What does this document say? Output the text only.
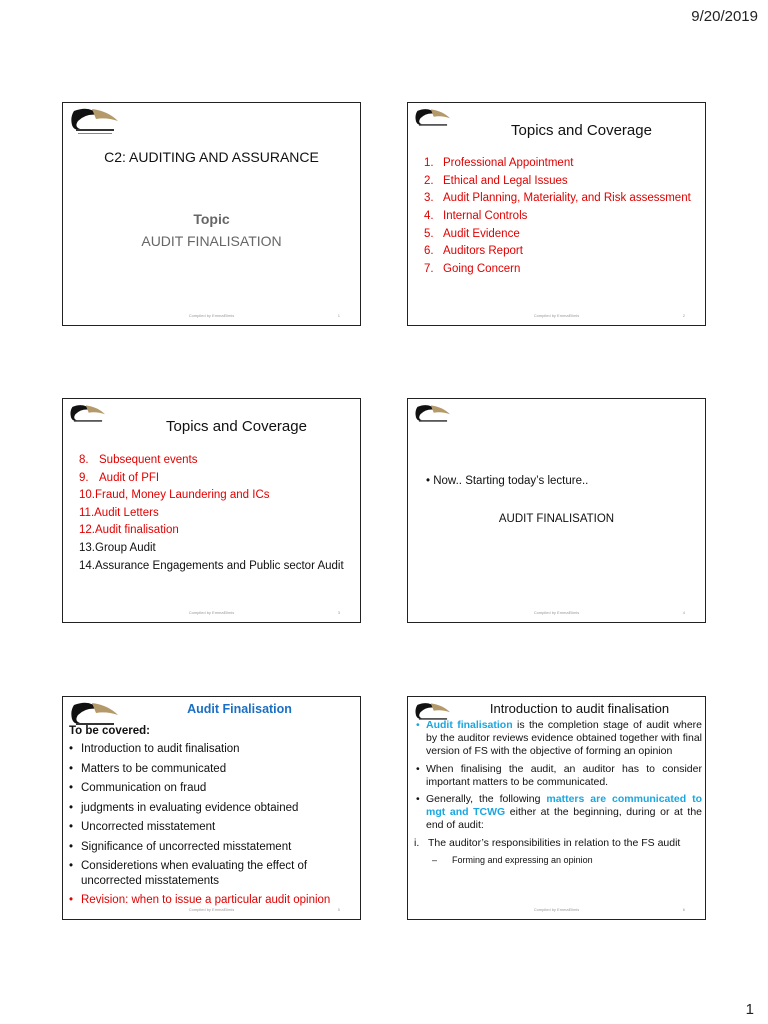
9/20/2019
C2: AUDITING AND ASSURANCE
Topic
AUDIT FINALISATION
Compiled by EmmaElimis	1
Topics and Coverage
1. Professional Appointment
2. Ethical and Legal Issues
3. Audit Planning, Materiality, and Risk assessment
4. Internal Controls
5. Audit Evidence
6. Auditors Report
7. Going Concern
Compiled by EmmaElimis	2
Topics and Coverage
8. Subsequent events
9. Audit of PFI
10. Fraud, Money Laundering and ICs
11. Audit Letters
12. Audit finalisation
13. Group Audit
14. Assurance Engagements and Public sector Audit
Compiled by EmmaElimis	3
• Now.. Starting today’s lecture..
AUDIT FINALISATION
Compiled by EmmaElimis	4
Audit Finalisation
To be covered:
• Introduction to audit finalisation
• Matters to be communicated
• Communication on fraud
• judgments in evaluating evidence obtained
• Uncorrected misstatement
• Significance of uncorrected misstatement
• Consideretions when evaluating the effect of uncorrected misstatements
• Revision: when to issue a particular audit opinion
Compiled by EmmaElimis	5
Introduction to audit finalisation
• Audit finalisation is the completion stage of audit where by the auditor reviews evidence obtained together with final version of FS with the objective of forming an opinion
• When finalising the audit, an auditor has to consider important matters to be communicated.
• Generally, the following matters are communicated to mgt and TCWG either at the beginning, during or at the end of audit:
i. The auditor’s responsibilities in relation to the FS audit
– Forming and expressing an opinion
Compiled by EmmaElimis	6
1
